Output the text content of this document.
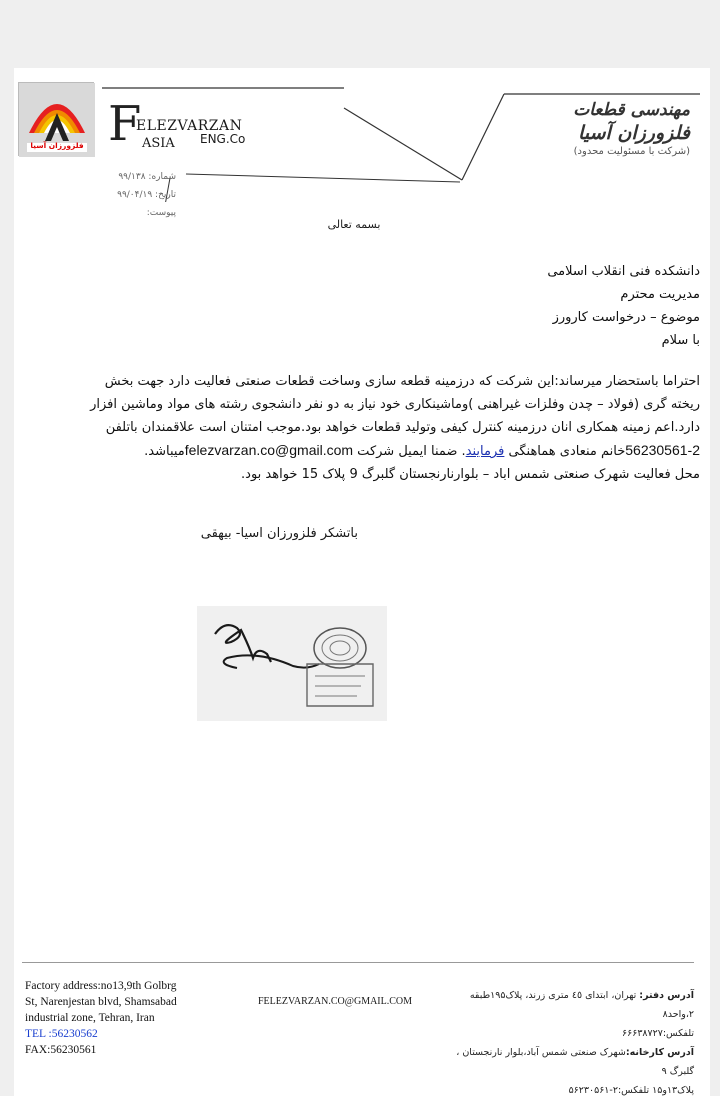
فلزورزان آسیا F
ELEZVARZAN
ASIA ENG.Co
مهندسی قطعات
فلزورزان آسیا
(شرکت با مسئولیت محدود)
شماره: ۹۹/۱۳۸
تاریخ: ۹۹/۰۴/۱۹
پیوست:
بسمه تعالی
دانشکده فنی انقلاب اسلامی
مدیریت محترم
موضوع – درخواست کارورز
با سلام
احتراما باستحضار میرساند:این شرکت که درزمینه قطعه سازی وساخت قطعات صنعتی فعالیت دارد جهت بخش
ریخته گری (فولاد – چدن وفلزات غیراهنی )وماشینکاری خود نیاز به دو نفر دانشجوی رشته های مواد وماشین افزار
دارد.اعم زمینه همکاری انان درزمینه کنترل کیفی وتولید قطعات خواهد بود.موجب امتنان است علاقمندان باتلفن
56230561-2خانم منعادی هماهنگی فرمایند. ضمنا ایمیل شرکت felezvarzan.co@gmail.comمیباشد.
محل فعالیت شهرک صنعتی شمس اباد – بلوارنارنجستان گلبرگ 9 پلاک 15 خواهد بود.
باتشکر فلزورزان اسیا- بیهقی
Factory address:no13,9th Golbrg
St, Narenjestan blvd, Shamsabad
industrial zone, Tehran, Iran
TEL :56230562
FAX:56230561
FELEZVARZAN.CO@GMAIL.COM
آدرس دفتر: تهران، ابتدای ٤٥ متری زرند، پلاک۱۹۵طبقه ۲،واحد۸
تلفکس:۶۶۶۳۸۷۲۷
آدرس کارخانه:شهرک صنعتی شمس آباد،بلوار نارنجستان ، گلبرگ ۹
پلاک۱۳و۱۵ تلفکس:۲-۵۶۲۳۰۵۶۱
